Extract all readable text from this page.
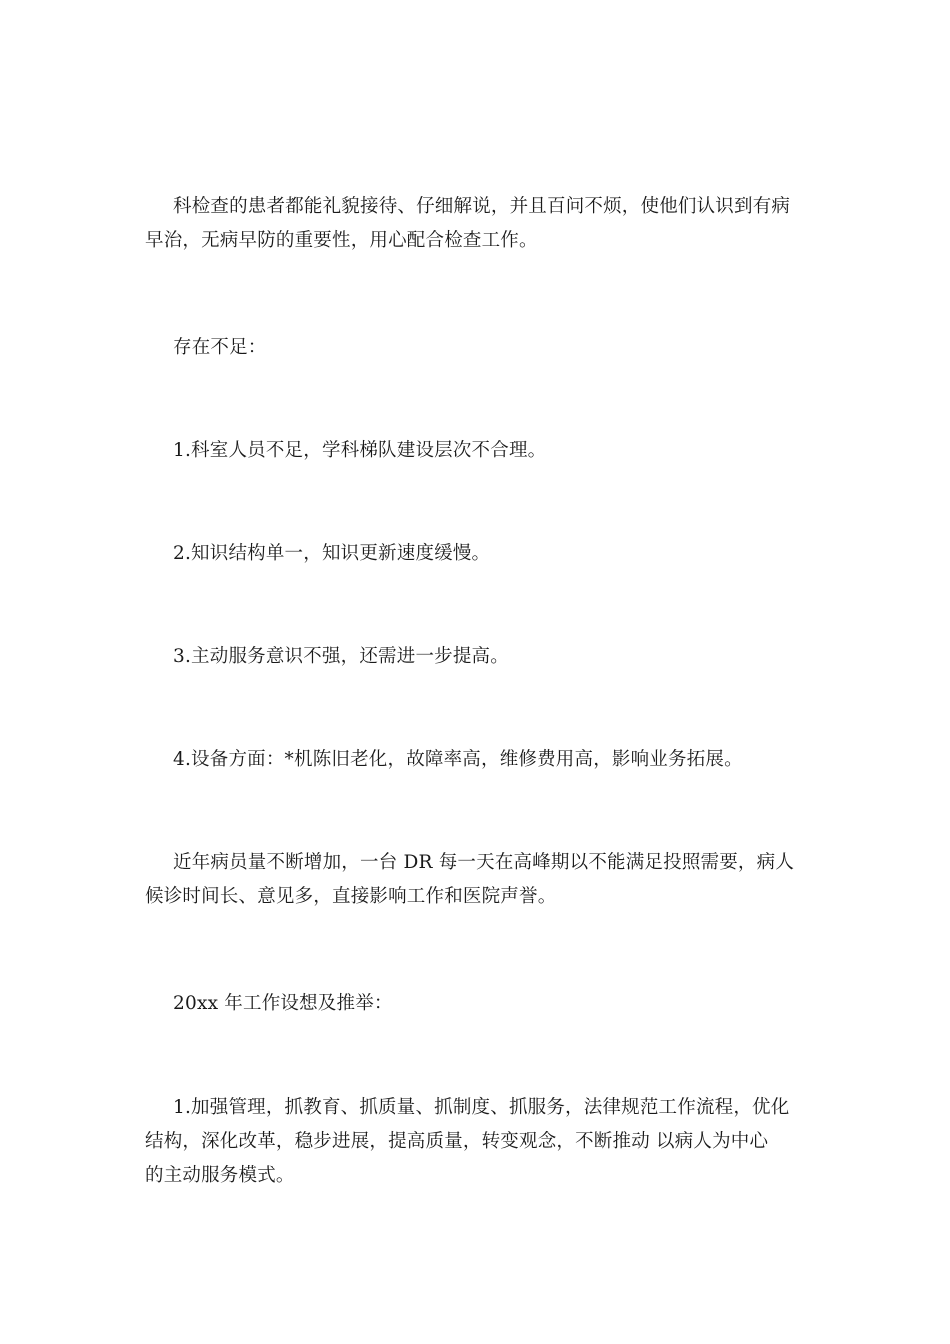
科检查的患者都能礼貌接待、仔细解说，并且百问不烦，使他们认识到有病
早治，无病早防的重要性，用心配合检查工作。

存在不足：

1.科室人员不足，学科梯队建设层次不合理。

2.知识结构单一，知识更新速度缓慢。

3.主动服务意识不强，还需进一步提高。

4.设备方面：*机陈旧老化，故障率高，维修费用高，影响业务拓展。

近年病员量不断增加，一台 DR 每一天在高峰期以不能满足投照需要，病人
候诊时间长、意见多，直接影响工作和医院声誉。

20xx 年工作设想及推举：

1.加强管理，抓教育、抓质量、抓制度、抓服务，法律规范工作流程，优化
结构，深化改革，稳步进展，提高质量，转变观念，不断推动 以病人为中心
的主动服务模式。
